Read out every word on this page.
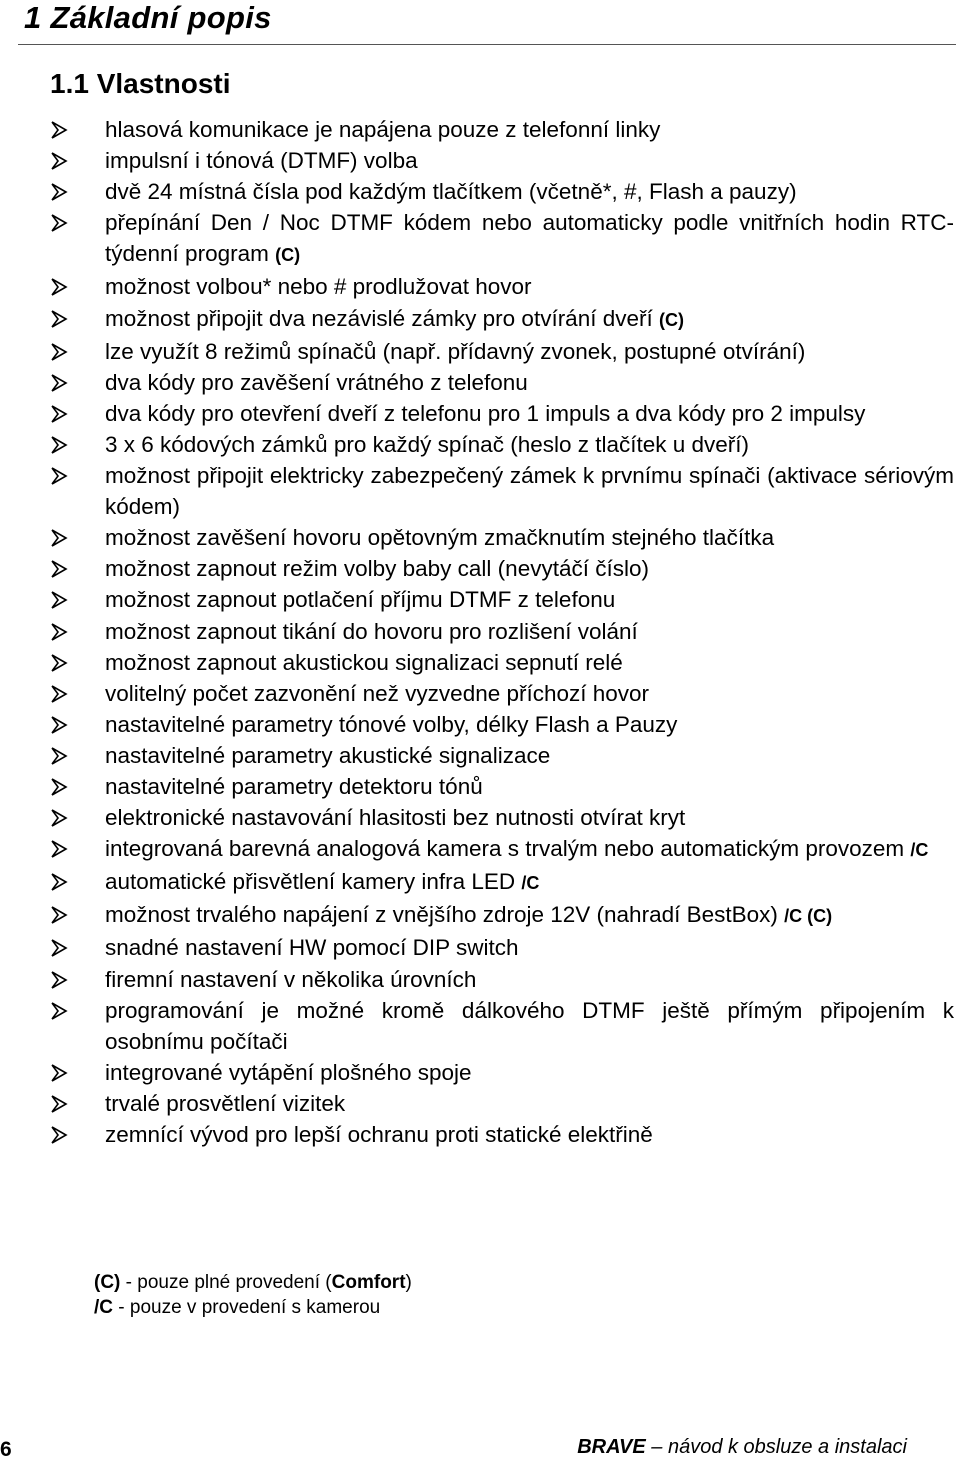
1 Základní popis
1.1 Vlastnosti
hlasová komunikace je napájena pouze z telefonní linky
impulsní i tónová (DTMF) volba
dvě 24 místná čísla pod každým tlačítkem (včetně*, #, Flash a pauzy)
přepínání Den / Noc DTMF kódem nebo automaticky podle vnitřních hodin RTC- týdenní program (C)
možnost volbou* nebo # prodlužovat hovor
možnost připojit dva nezávislé zámky pro otvírání dveří (C)
lze využít 8 režimů spínačů (např. přídavný zvonek, postupné otvírání)
dva kódy pro zavěšení vrátného z telefonu
dva kódy pro otevření dveří z telefonu pro 1 impuls a dva kódy pro 2 impulsy
3 x 6 kódových zámků pro každý spínač (heslo z tlačítek u dveří)
možnost připojit elektricky zabezpečený zámek k prvnímu spínači (aktivace sériovým kódem)
možnost zavěšení hovoru opětovným zmačknutím stejného tlačítka
možnost zapnout režim volby baby call (nevytáčí číslo)
možnost zapnout potlačení příjmu DTMF z telefonu
možnost zapnout tikání do hovoru pro rozlišení volání
možnost zapnout akustickou signalizaci sepnutí relé
volitelný počet zazvonění než vyzvedne příchozí hovor
nastavitelné parametry tónové volby, délky Flash a Pauzy
nastavitelné parametry akustické signalizace
nastavitelné parametry detektoru tónů
elektronické nastavování hlasitosti bez nutnosti otvírat kryt
integrovaná barevná analogová kamera s trvalým nebo automatickým provozem /C
automatické přisvětlení kamery infra LED /C
možnost trvalého napájení z vnějšího zdroje 12V (nahradí BestBox) /C (C)
snadné nastavení HW pomocí DIP switch
firemní nastavení v několika úrovních
programování je možné kromě dálkového DTMF ještě přímým připojením k osobnímu počítači
integrované vytápění plošného spoje
trvalé prosvětlení vizitek
zemnící vývod pro lepší ochranu proti statické elektřině
(C) - pouze plné provedení (Comfort)
/C - pouze v provedení s kamerou
6	BRAVE – návod k obsluze a instalaci
